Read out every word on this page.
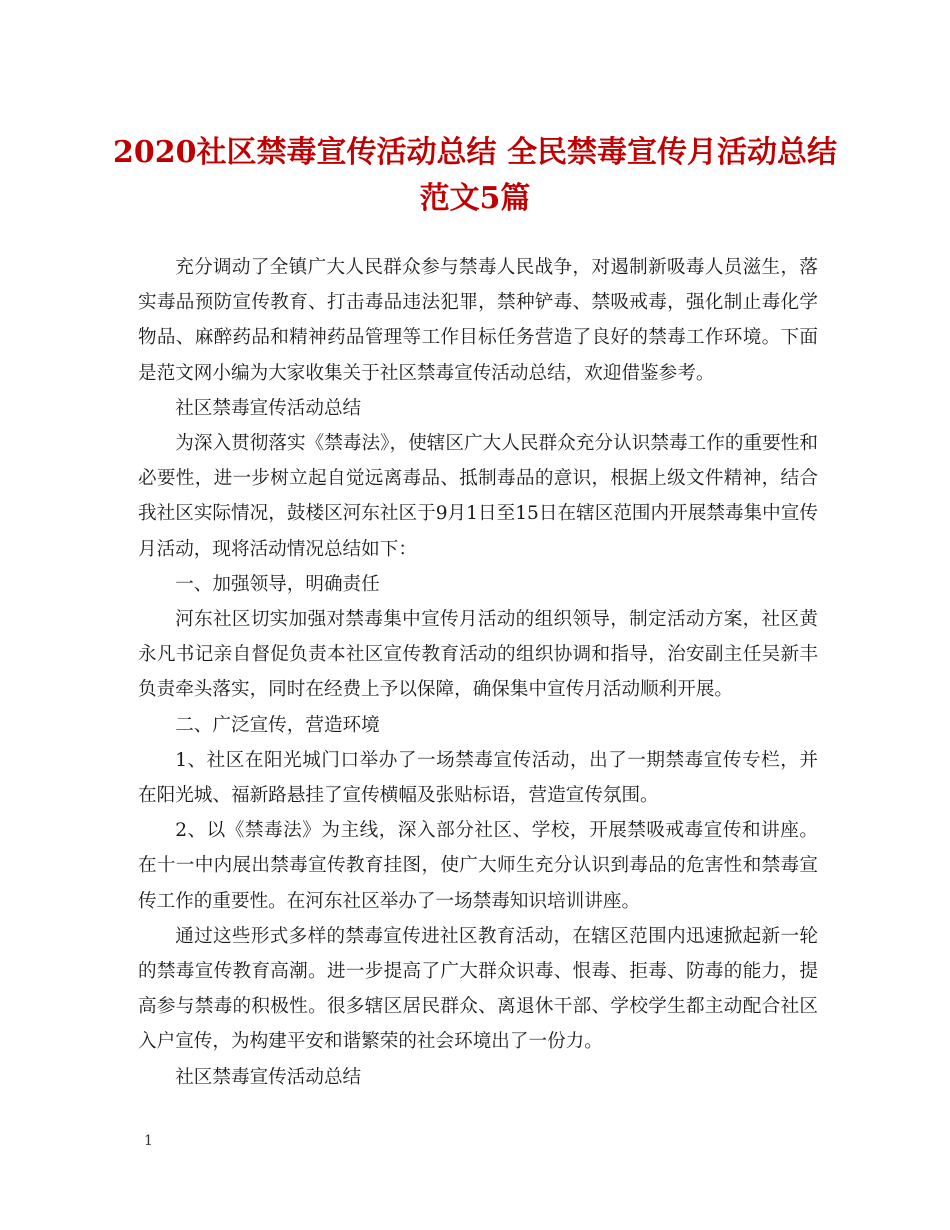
2020社区禁毒宣传活动总结 全民禁毒宣传月活动总结
范文5篇

充分调动了全镇广大人民群众参与禁毒人民战争，对遏制新吸毒人员滋生，落实毒品预防宣传教育、打击毒品违法犯罪，禁种铲毒、禁吸戒毒，强化制止毒化学物品、麻醉药品和精神药品管理等工作目标任务营造了良好的禁毒工作环境。下面是范文网小编为大家收集关于社区禁毒宣传活动总结，欢迎借鉴参考。

社区禁毒宣传活动总结

为深入贯彻落实《禁毒法》，使辖区广大人民群众充分认识禁毒工作的重要性和必要性，进一步树立起自觉远离毒品、抵制毒品的意识，根据上级文件精神，结合我社区实际情况，鼓楼区河东社区于9月1日至15日在辖区范围内开展禁毒集中宣传月活动，现将活动情况总结如下：

一、加强领导，明确责任

河东社区切实加强对禁毒集中宣传月活动的组织领导，制定活动方案，社区黄永凡书记亲自督促负责本社区宣传教育活动的组织协调和指导，治安副主任吴新丰负责牵头落实，同时在经费上予以保障，确保集中宣传月活动顺利开展。

二、广泛宣传，营造环境

1、社区在阳光城门口举办了一场禁毒宣传活动，出了一期禁毒宣传专栏，并在阳光城、福新路悬挂了宣传横幅及张贴标语，营造宣传氛围。

2、以《禁毒法》为主线，深入部分社区、学校，开展禁吸戒毒宣传和讲座。在十一中内展出禁毒宣传教育挂图，使广大师生充分认识到毒品的危害性和禁毒宣传工作的重要性。在河东社区举办了一场禁毒知识培训讲座。

通过这些形式多样的禁毒宣传进社区教育活动，在辖区范围内迅速掀起新一轮的禁毒宣传教育高潮。进一步提高了广大群众识毒、恨毒、拒毒、防毒的能力，提高参与禁毒的积极性。很多辖区居民群众、离退休干部、学校学生都主动配合社区入户宣传，为构建平安和谐繁荣的社会环境出了一份力。

社区禁毒宣传活动总结

1
